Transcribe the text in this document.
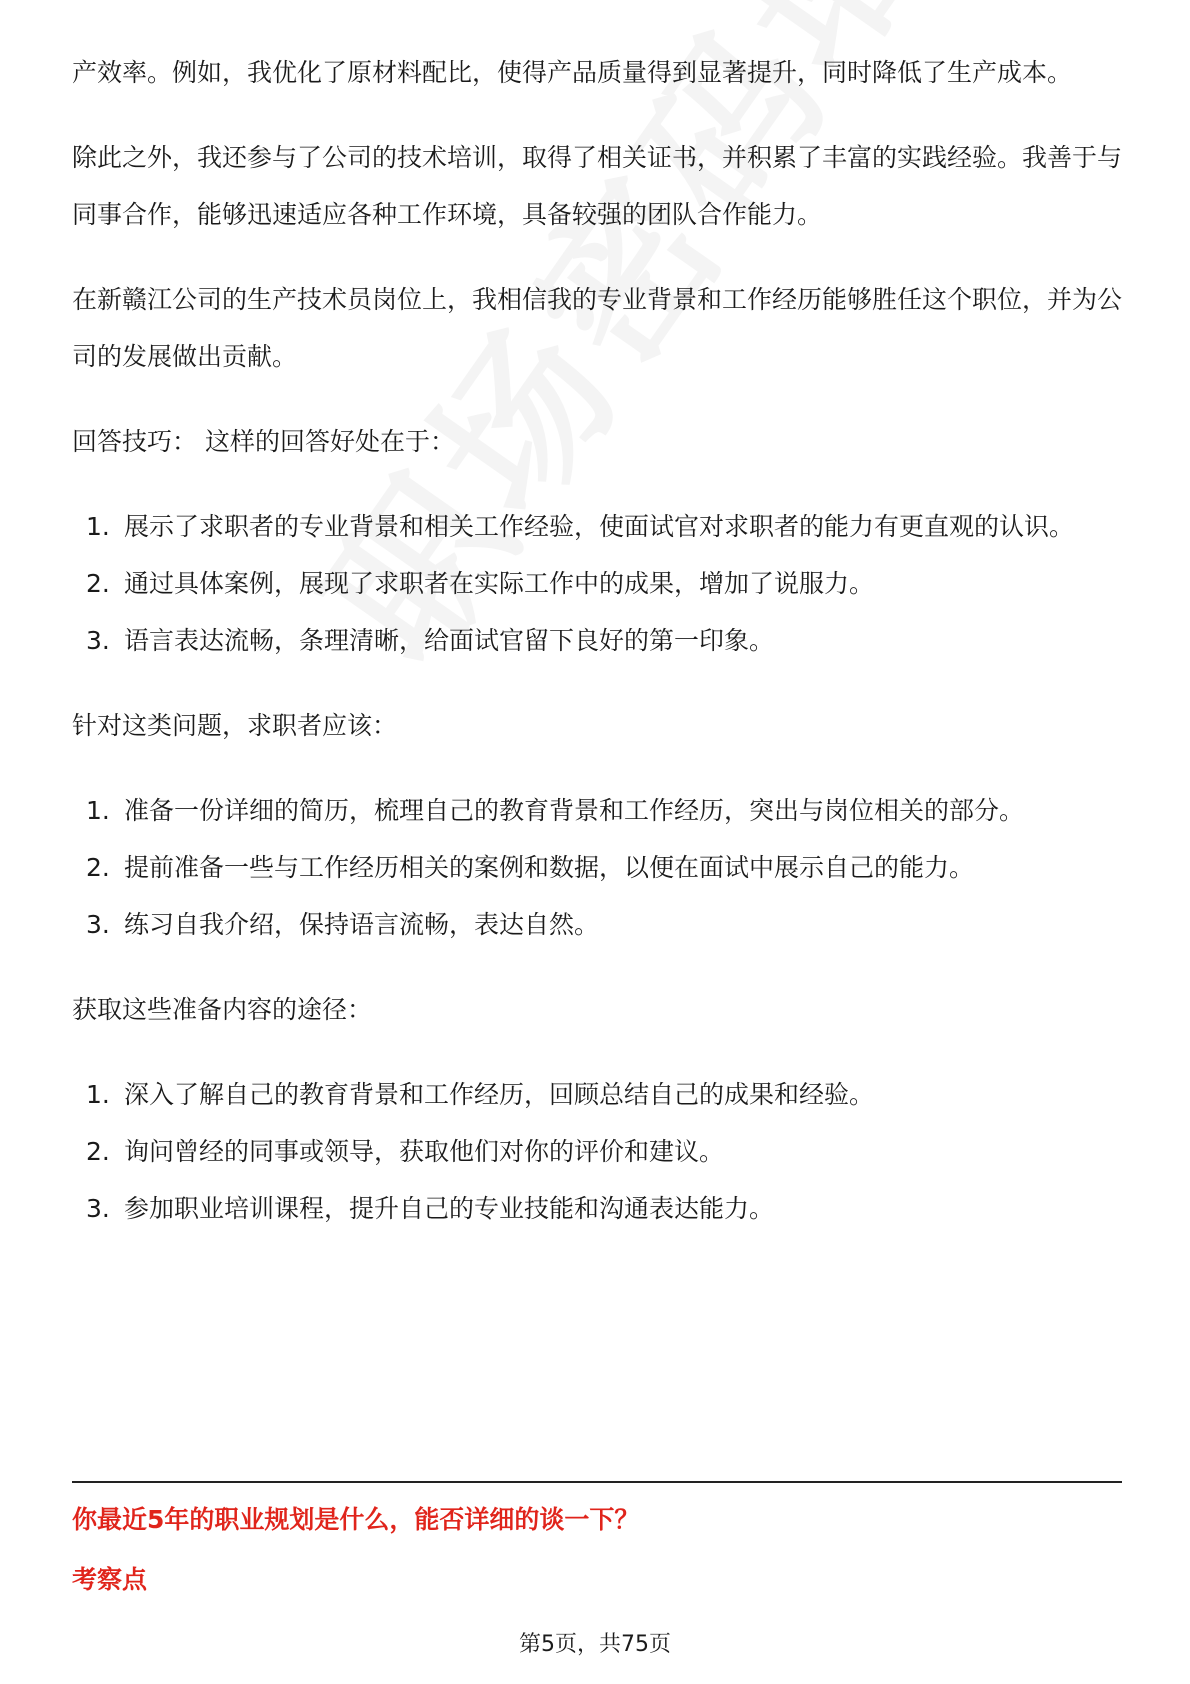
产效率。例如，我优化了原材料配比，使得产品质量得到显著提升，同时降低了生产成本。

除此之外，我还参与了公司的技术培训，取得了相关证书，并积累了丰富的实践经验。我善于与同事合作，能够迅速适应各种工作环境，具备较强的团队合作能力。

在新赣江公司的生产技术员岗位上，我相信我的专业背景和工作经历能够胜任这个职位，并为公司的发展做出贡献。

回答技巧： 这样的回答好处在于：

1. 展示了求职者的专业背景和相关工作经验，使面试官对求职者的能力有更直观的认识。
2. 通过具体案例，展现了求职者在实际工作中的成果，增加了说服力。
3. 语言表达流畅，条理清晰，给面试官留下良好的第一印象。

针对这类问题，求职者应该：

1. 准备一份详细的简历，梳理自己的教育背景和工作经历，突出与岗位相关的部分。
2. 提前准备一些与工作经历相关的案例和数据，以便在面试中展示自己的能力。
3. 练习自我介绍，保持语言流畅，表达自然。

获取这些准备内容的途径：

1. 深入了解自己的教育背景和工作经历，回顾总结自己的成果和经验。
2. 询问曾经的同事或领导，获取他们对你的评价和建议。
3. 参加职业培训课程，提升自己的专业技能和沟通表达能力。
你最近5年的职业规划是什么，能否详细的谈一下？
考察点
第5页，共75页
